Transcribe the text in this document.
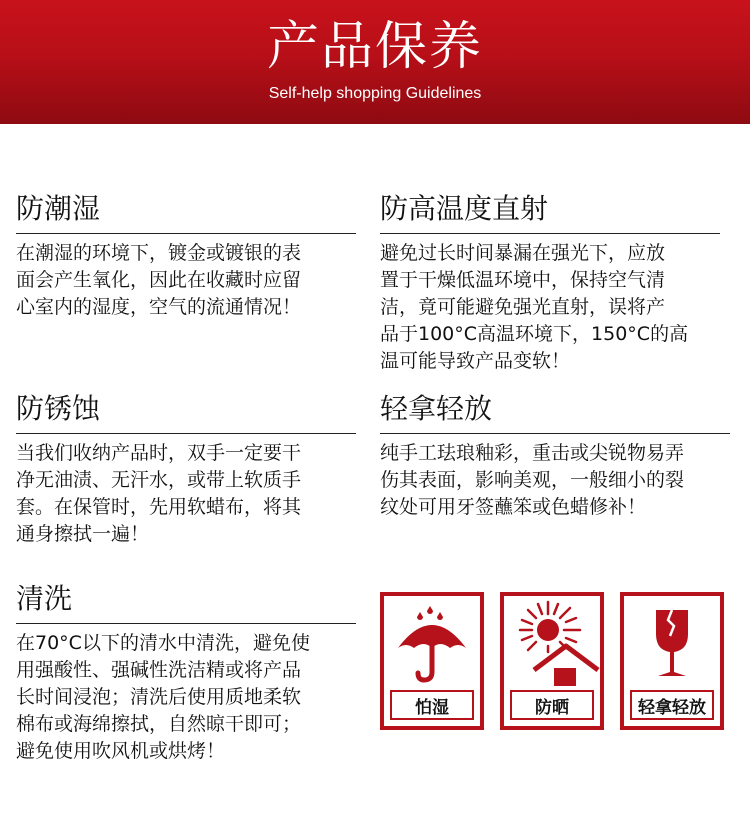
产品保养
Self-help shopping Guidelines
防潮湿
在潮湿的环境下，镀金或镀银的表
面会产生氧化，因此在收藏时应留
心室内的湿度，空气的流通情况！
防高温度直射
避免过长时间暴漏在强光下，应放
置于干燥低温环境中，保持空气清
洁，竟可能避免强光直射，误将产
品于100°C高温环境下，150°C的高
温可能导致产品变软！
防锈蚀
当我们收纳产品时，双手一定要干
净无油渍、无汗水，或带上软质手
套。在保管时，先用软蜡布，将其
通身擦拭一遍！
轻拿轻放
纯手工珐琅釉彩，重击或尖锐物易弄
伤其表面，影响美观，一般细小的裂
纹处可用牙签蘸笨或色蜡修补！
清洗
在70°C以下的清水中清洗，避免使
用强酸性、强碱性洗洁精或将产品
长时间浸泡；清洗后使用质地柔软
棉布或海绵擦拭，自然晾干即可；
避免使用吹风机或烘烤！
怕湿	防晒	轻拿轻放
